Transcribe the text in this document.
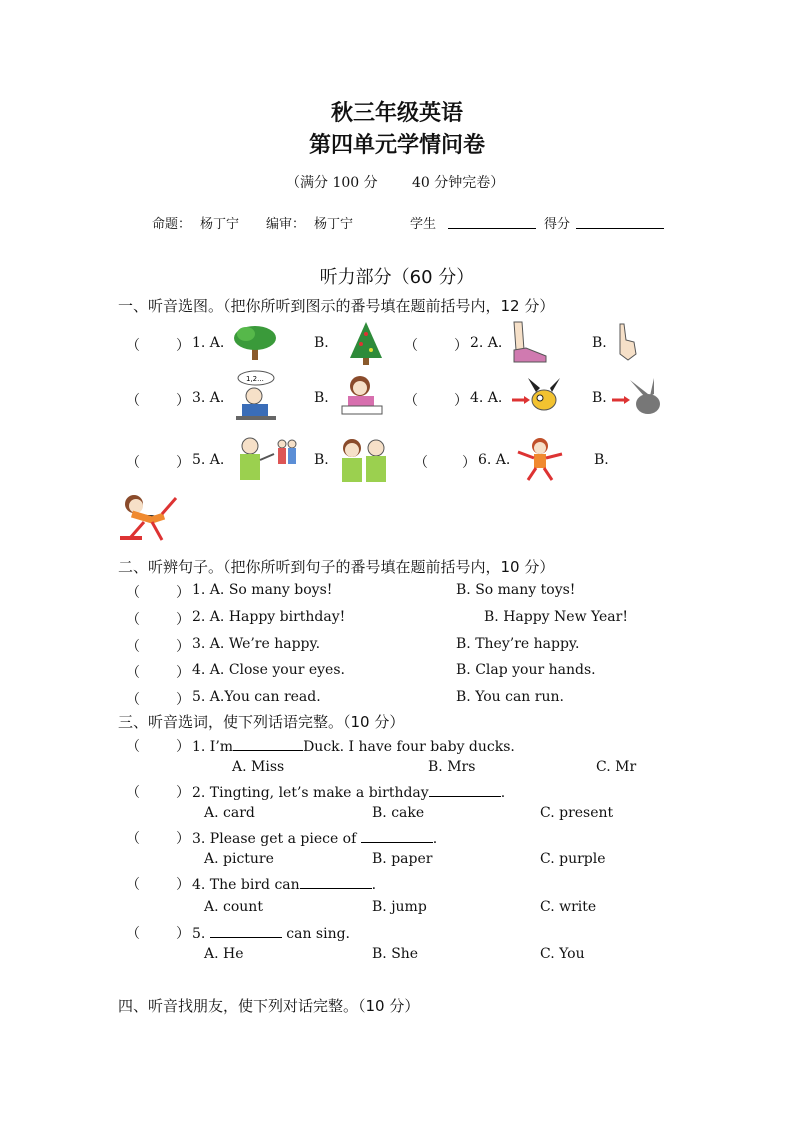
秋三年级英语
第四单元学情问卷
（满分 100 分 40 分钟完卷）
命题： 杨丁宁 编审： 杨丁宁	学生	得分
听力部分（60 分）
一、听音选图。（把你所听到图示的番号填在题前括号内，12 分）
（	） 1. A.	B.	（	） 2. A.	B.
（	） 3. A.
1,2...
B.	（	） 4. A.	B.
（	） 5. A.	B.	（ ） 6. A.	B.
二、听辨句子。（把你所听到句子的番号填在题前括号内，10 分）
（	） 1. A. So many boys!	B. So many toys!
（	） 2. A. Happy birthday!	B. Happy New Year!
（	） 3. A. We’re happy.	B. They’re happy.
（	） 4. A. Close your eyes.	B. Clap your hands.
（	） 5. A.You can read.	B. You can run.
三、听音选词，使下列话语完整。（10 分）
（	） 1. I’m	Duck. I have four baby ducks.
A. Miss	B. Mrs	C. Mr
（	） 2. Tingting, let’s make a birthday	.
A. card	B. cake	C. present
（	） 3. Please get a piece of	.
A. picture	B. paper	C. purple
（	） 4. The bird can	.
A. count	B. jump	C. write
（	） 5.	can sing.
A. He	B. She	C. You
四、听音找朋友，使下列对话完整。（10 分）
